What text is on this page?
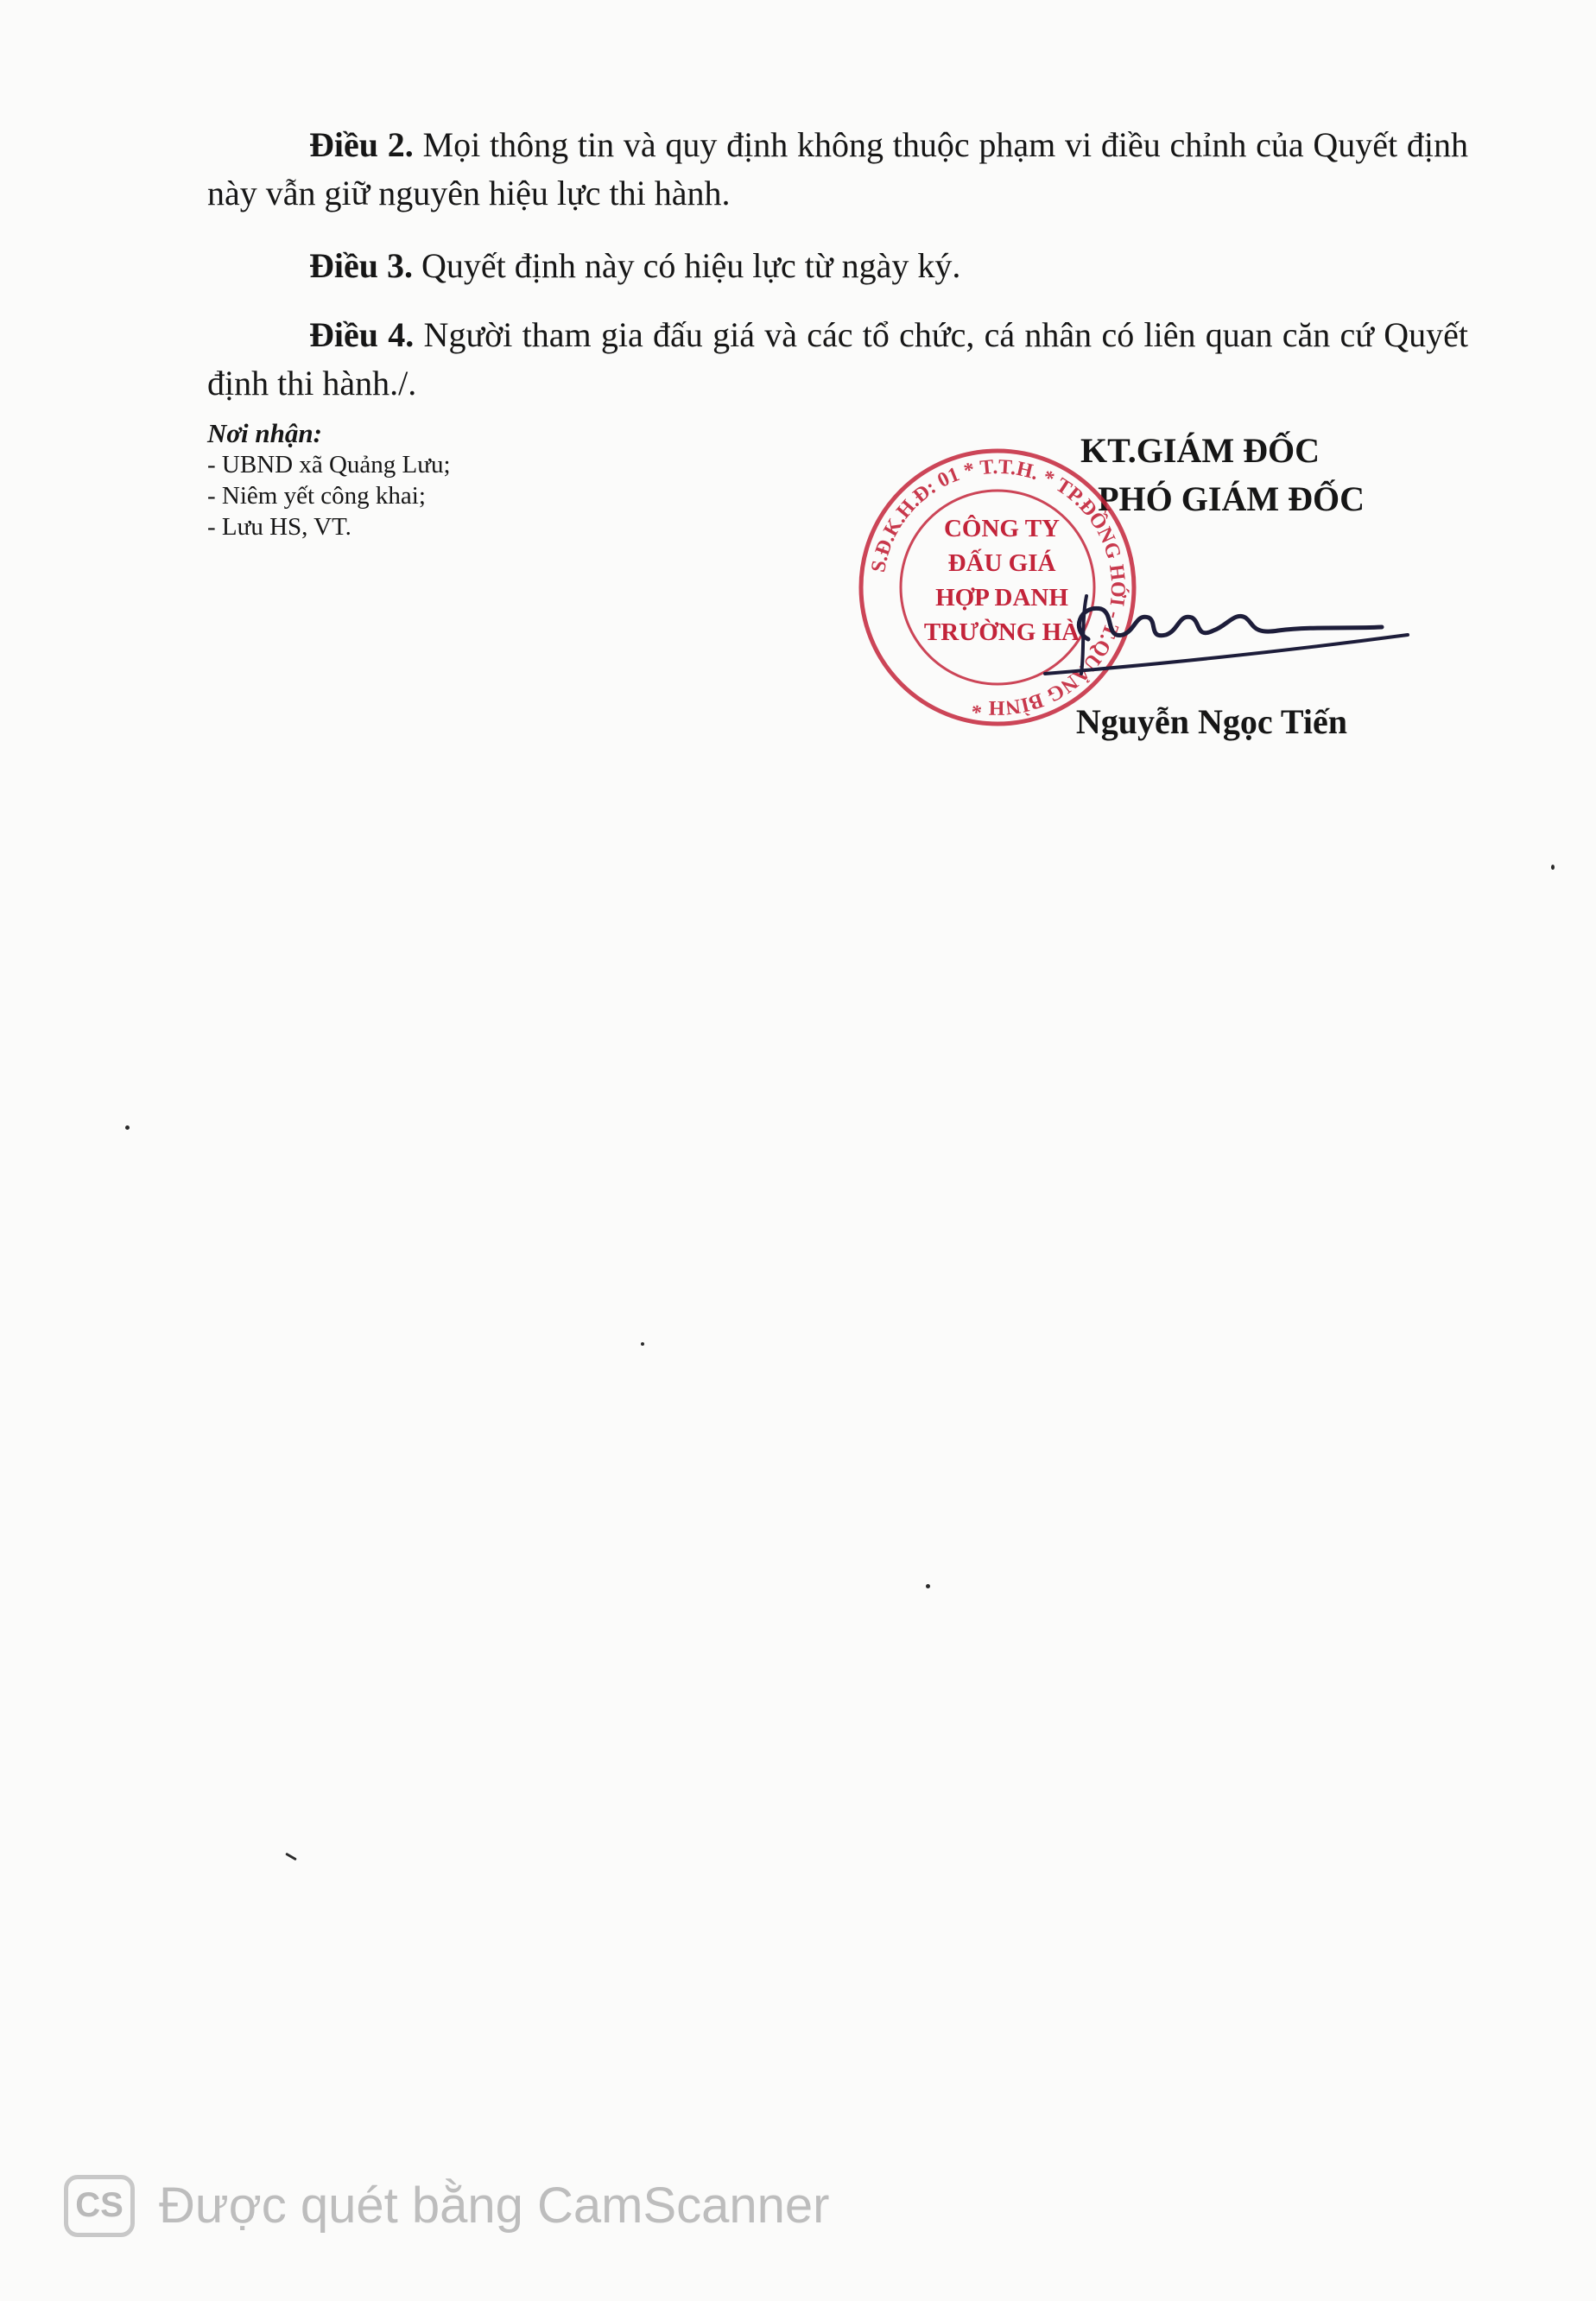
Điều 2. Mọi thông tin và quy định không thuộc phạm vi điều chỉnh của Quyết định này vẫn giữ nguyên hiệu lực thi hành.

Điều 3. Quyết định này có hiệu lực từ ngày ký.

Điều 4. Người tham gia đấu giá và các tổ chức, cá nhân có liên quan căn cứ Quyết định thi hành./.

Nơi nhận:
- UBND xã Quảng Lưu;
- Niêm yết công khai;
- Lưu HS, VT.
KT.GIÁM ĐỐC
PHÓ GIÁM ĐỐC
S.Đ.K.H.Đ: 01 * T.T.H. * TP.ĐỒNG HỚI - T.QUẢNG BÌNH *
CÔNG TY
ĐẤU GIÁ
HỢP DANH
TRƯỜNG HÀ
Nguyễn Ngọc Tiến
CS Được quét bằng CamScanner
